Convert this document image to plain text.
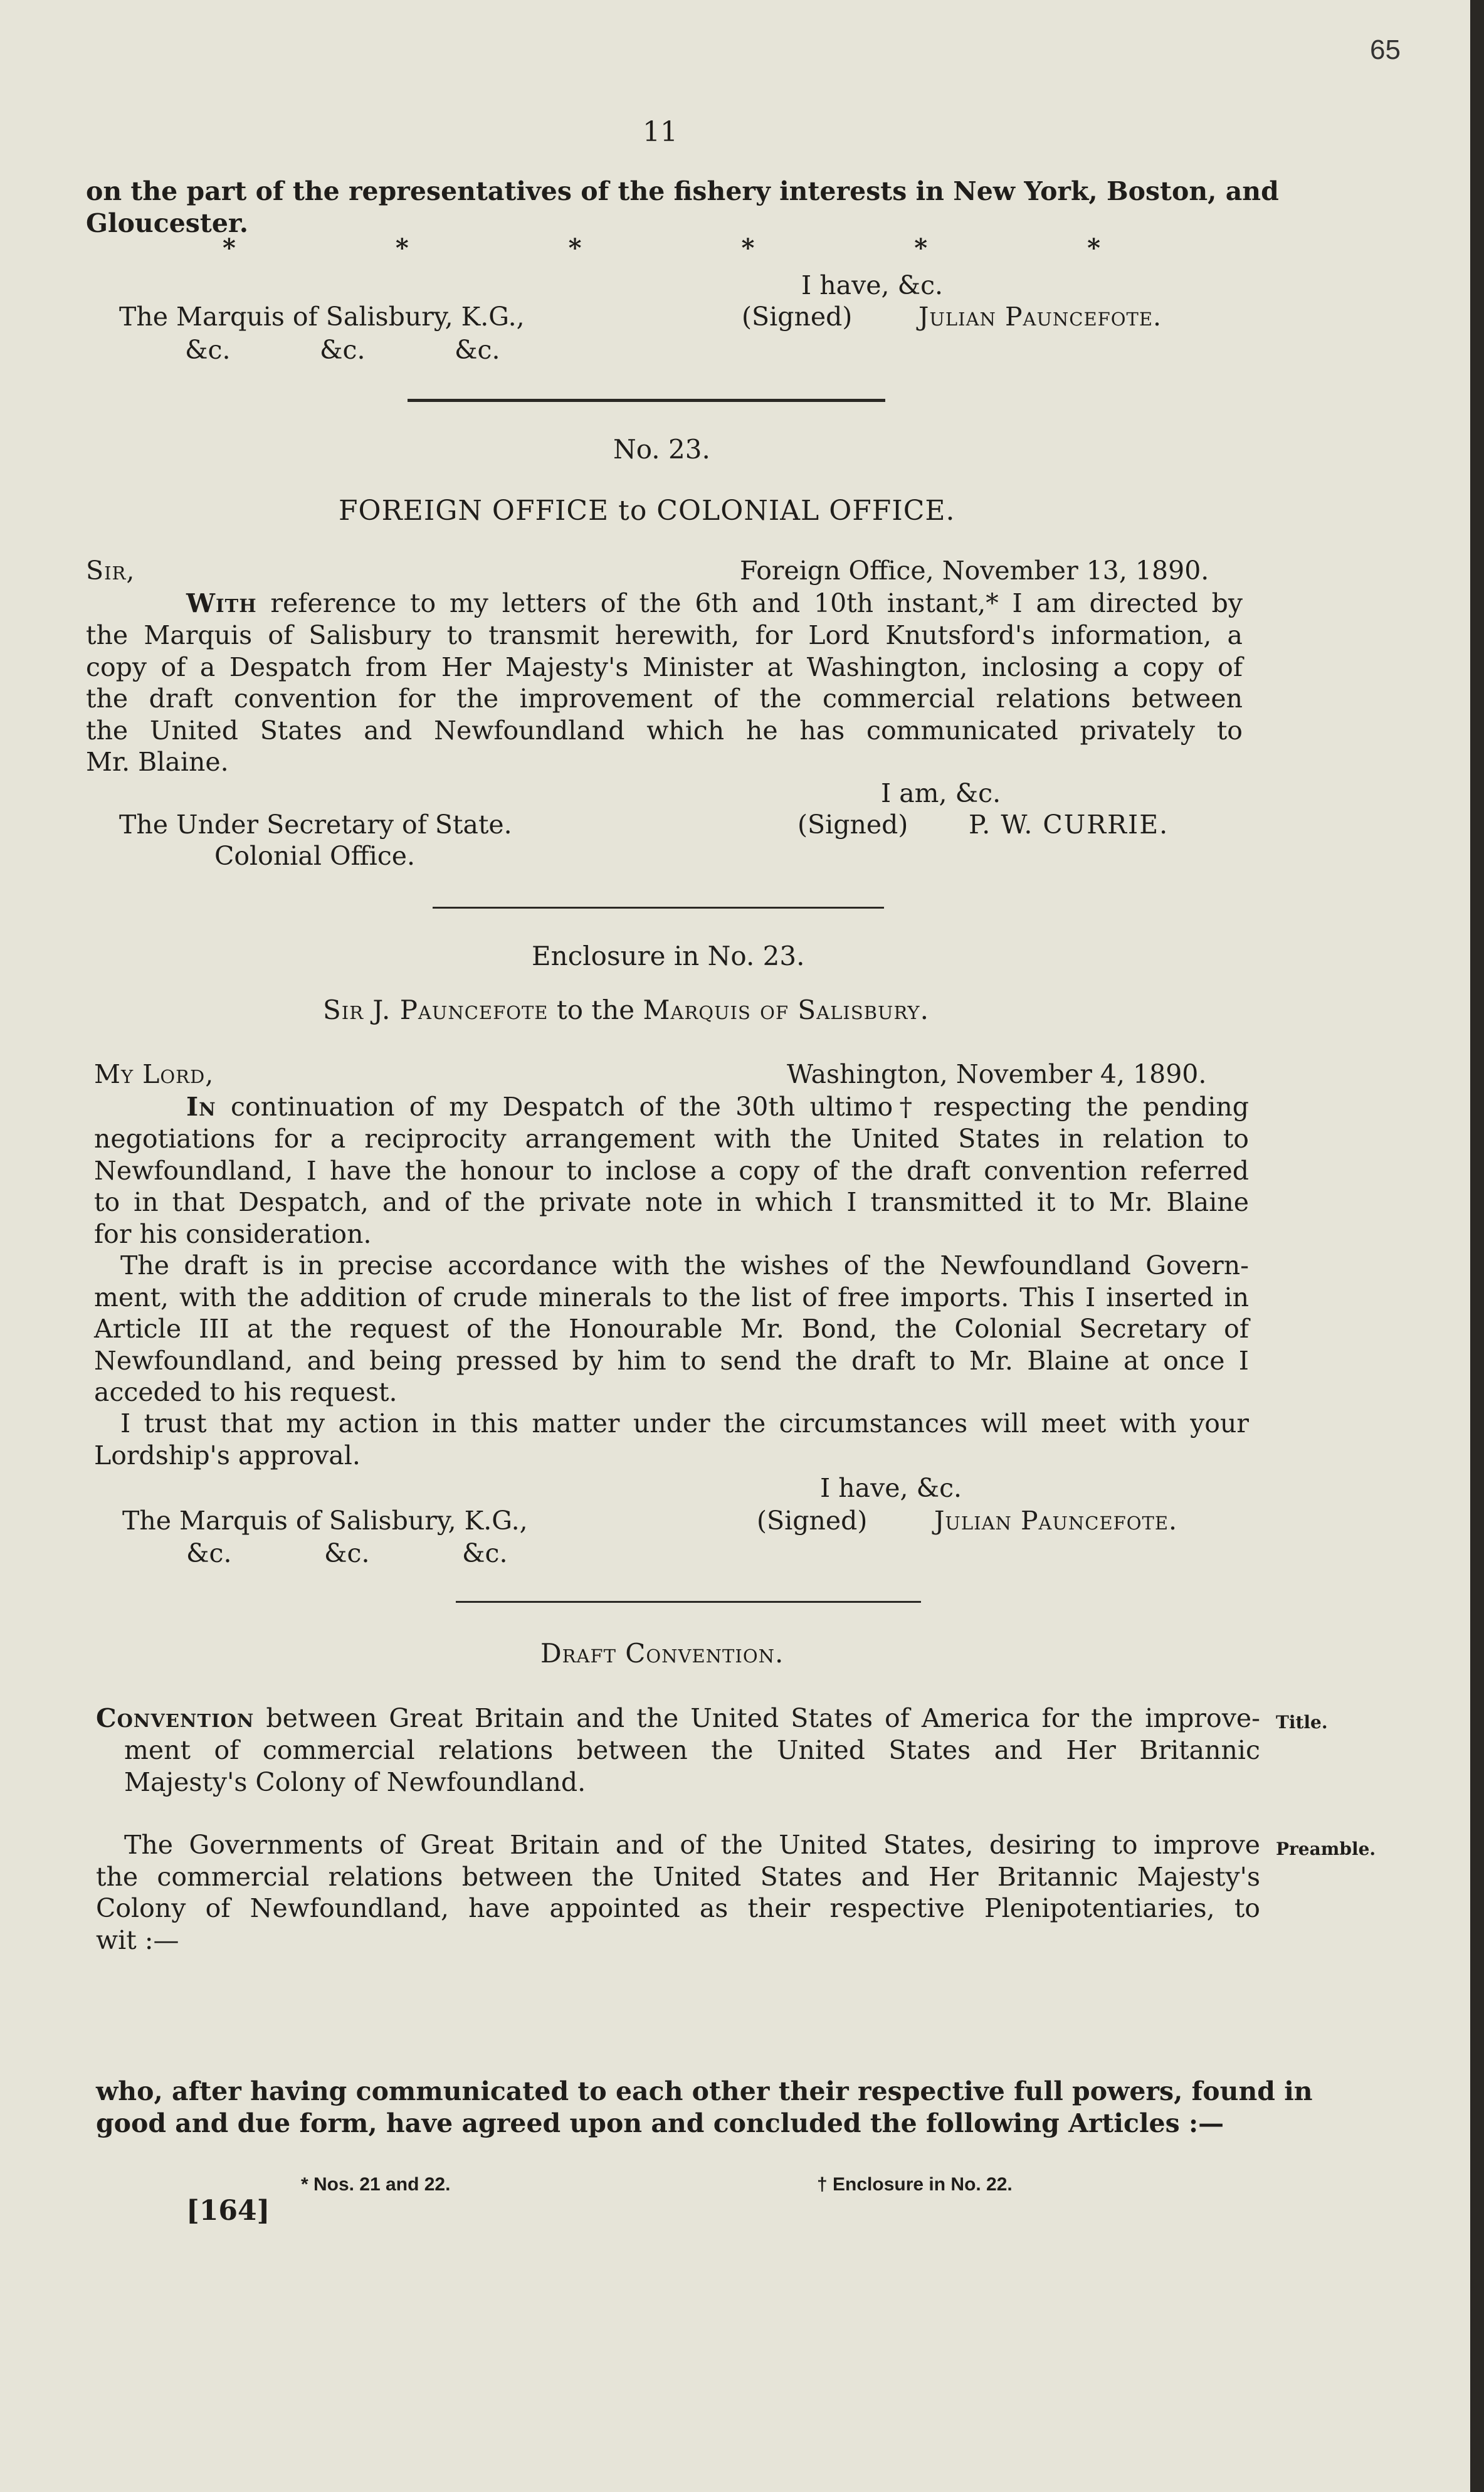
65
11
on the part of the representatives of the fishery interests in New York, Boston, and
Gloucester.
*	*	*	*	*	*
I have, &c.
The Marquis of Salisbury, K.G.,	(Signed)	Julian Pauncefote.
&c.	&c.	&c.
No. 23.
FOREIGN OFFICE to COLONIAL OFFICE.
Sir,	Foreign Office, November 13, 1890.
With reference to my letters of the 6th and 10th instant,* I am directed by
the Marquis of Salisbury to transmit herewith, for Lord Knutsford's information, a
copy of a Despatch from Her Majesty's Minister at Washington, inclosing a copy of
the draft convention for the improvement of the commercial relations between
the United States and Newfoundland which he has communicated privately to
Mr. Blaine.
I am, &c.
The Under Secretary of State.	(Signed) P. W. CURRIE.
Colonial Office.
Enclosure in No. 23.
Sir J. Pauncefote to the Marquis of Salisbury.
My Lord,	Washington, November 4, 1890.
In continuation of my Despatch of the 30th ultimo† respecting the pending
negotiations for a reciprocity arrangement with the United States in relation to
Newfoundland, I have the honour to inclose a copy of the draft convention referred
to in that Despatch, and of the private note in which I transmitted it to Mr. Blaine
for his consideration.
The draft is in precise accordance with the wishes of the Newfoundland Govern-
ment, with the addition of crude minerals to the list of free imports. This I inserted in
Article III at the request of the Honourable Mr. Bond, the Colonial Secretary of
Newfoundland, and being pressed by him to send the draft to Mr. Blaine at once I
acceded to his request.
I trust that my action in this matter under the circumstances will meet with your
Lordship's approval.
I have, &c.
The Marquis of Salisbury, K.G.,	(Signed)	Julian Pauncefote.
&c.	&c.	&c.
Draft Convention.
Convention between Great Britain and the United States of America for the improve-
ment of commercial relations between the United States and Her Britannic
Majesty's Colony of Newfoundland.
Title.
The Governments of Great Britain and of the United States, desiring to improve
the commercial relations between the United States and Her Britannic Majesty's
Colony of Newfoundland, have appointed as their respective Plenipotentiaries, to
wit :—
Preamble.
who, after having communicated to each other their respective full powers, found in
good and due form, have agreed upon and concluded the following Articles :—
* Nos. 21 and 22.	† Enclosure in No. 22.
[164]
